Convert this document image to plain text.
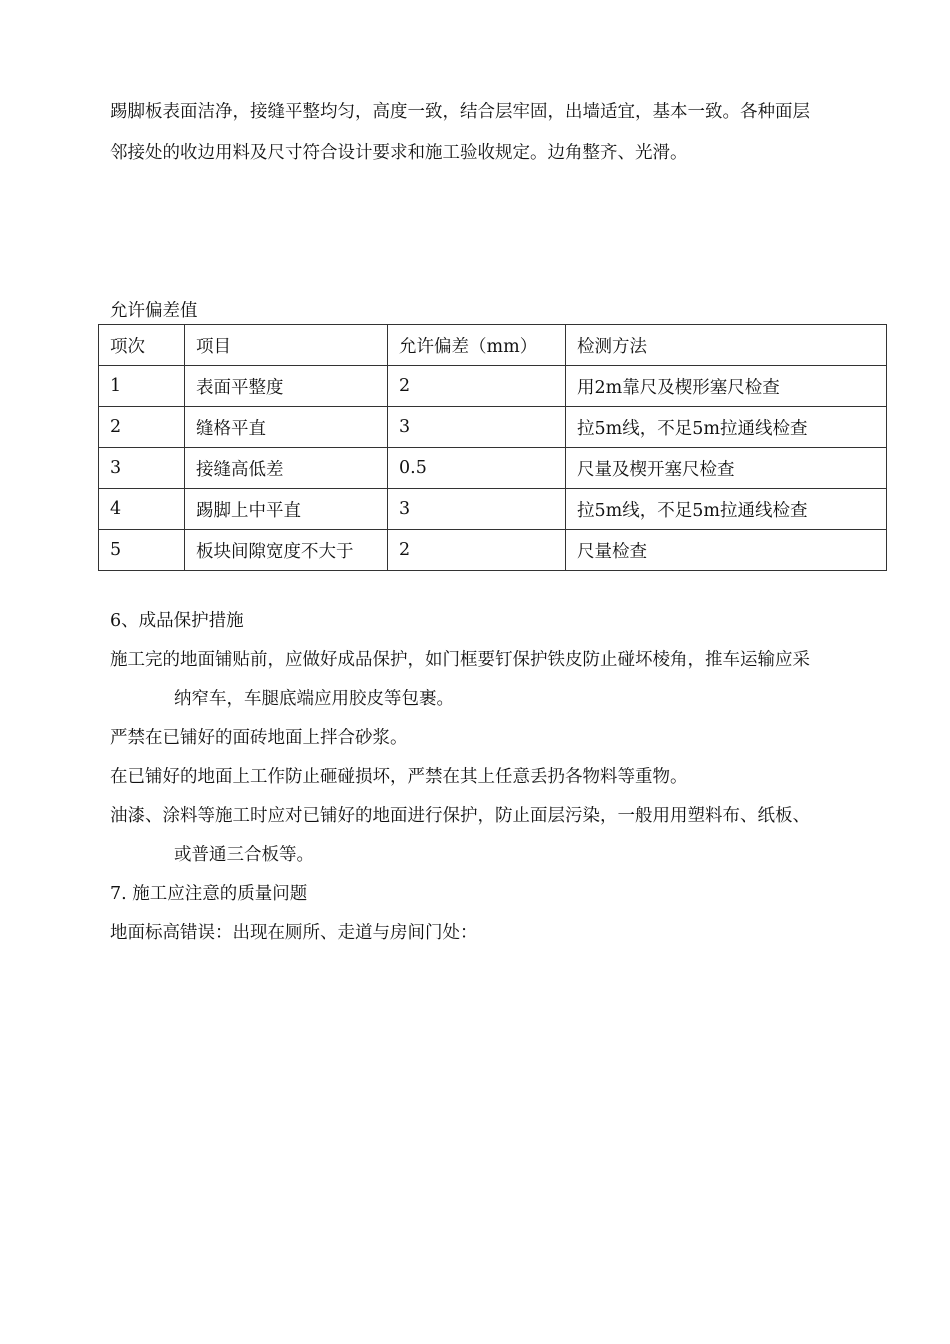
踢脚板表面洁净，接缝平整均匀，高度一致，结合层牢固，出墙适宜，基本一致。各种面层
邻接处的收边用料及尺寸符合设计要求和施工验收规定。边角整齐、光滑。
允许偏差值
项次	项目	允许偏差（mm）	检测方法
1	表面平整度	2	用2m靠尺及楔形塞尺检查
2	缝格平直	3	拉5m线，不足5m拉通线检查
3	接缝高低差	0.5	尺量及楔开塞尺检查
4	踢脚上中平直	3	拉5m线，不足5m拉通线检查
5	板块间隙宽度不大于	2	尺量检查

6、成品保护措施

施工完的地面铺贴前，应做好成品保护，如门框要钉保护铁皮防止碰坏棱角，推车运输应采

纳窄车，车腿底端应用胶皮等包裹。

严禁在已铺好的面砖地面上拌合砂浆。

在已铺好的地面上工作防止砸碰损坏，严禁在其上任意丢扔各物料等重物。

油漆、涂料等施工时应对已铺好的地面进行保护，防止面层污染，一般用用塑料布、纸板、

或普通三合板等。

7. 施工应注意的质量问题

地面标高错误：出现在厕所、走道与房间门处：
